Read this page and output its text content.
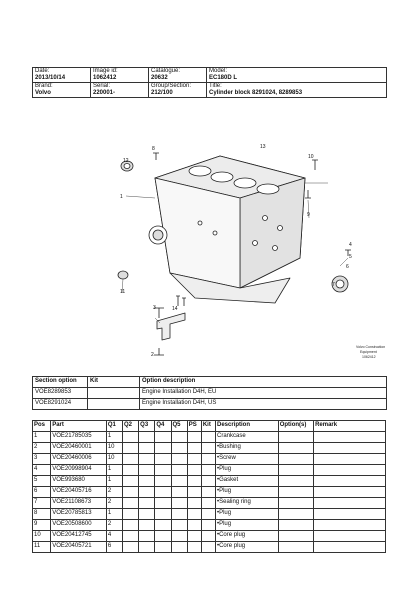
Date:
2013/10/14	Image id:
1062412	Catalogue:
20632	Model:
EC180D L

Brand:
Volvo	Serial:
220001-	Group/Section:
212/100	Title:
Cylinder block 8291024, 8289853
1
2
3
4
5
6
7
8
9
10
11
12
13
14
Volvo Construction
Equipment
1062412
Section option	Kit	Option description
VOE8289853		Engine Installation D4H, EU
VOE8291024		Engine Installation D4H, US
Pos	Part	Q1	Q2	Q3	Q4	Q5	PS	Kit	Description	Option(s)	Remark
1	VOE21785035	1							Crankcase		
2	VOE20460001	10							•Bushing		
3	VOE20460006	10							•Screw		
4	VOE20998904	1							•Plug		
5	VOE993680	1							•Gasket		
6	VOE20405716	2							•Plug		
7	VOE21108673	2							•Sealing ring		
8	VOE20785813	1							•Plug		
9	VOE20508600	2							•Plug		
10	VOE20412745	4							•Core plug		
11	VOE20405721	6							•Core plug		
